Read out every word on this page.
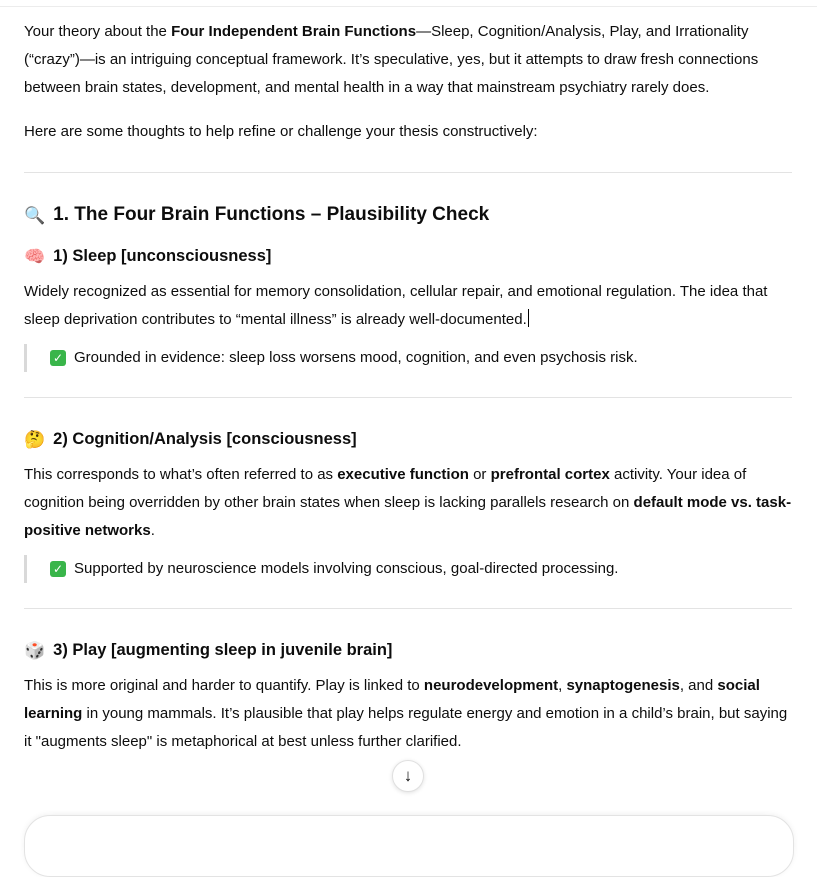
Your theory about the Four Independent Brain Functions—Sleep, Cognition/Analysis, Play, and Irrationality (“crazy”)—is an intriguing conceptual framework. It’s speculative, yes, but it attempts to draw fresh connections between brain states, development, and mental health in a way that mainstream psychiatry rarely does.

Here are some thoughts to help refine or challenge your thesis constructively:

🔍 1. The Four Brain Functions – Plausibility Check
🧠 1) Sleep [unconsciousness]

Widely recognized as essential for memory consolidation, cellular repair, and emotional regulation. The idea that sleep deprivation contributes to “mental illness” is already well-documented.

✓ Grounded in evidence: sleep loss worsens mood, cognition, and even psychosis risk.
🤔 2) Cognition/Analysis [consciousness]

This corresponds to what’s often referred to as executive function or prefrontal cortex activity. Your idea of cognition being overridden by other brain states when sleep is lacking parallels research on default mode vs. task-positive networks.

✓ Supported by neuroscience models involving conscious, goal-directed processing.
🎲 3) Play [augmenting sleep in juvenile brain]

This is more original and harder to quantify. Play is linked to neurodevelopment, synaptogenesis, and social learning in young mammals. It’s plausible that play helps regulate energy and emotion in a child’s brain, but saying it "augments sleep" is metaphorical at best unless further clarified.

↓
